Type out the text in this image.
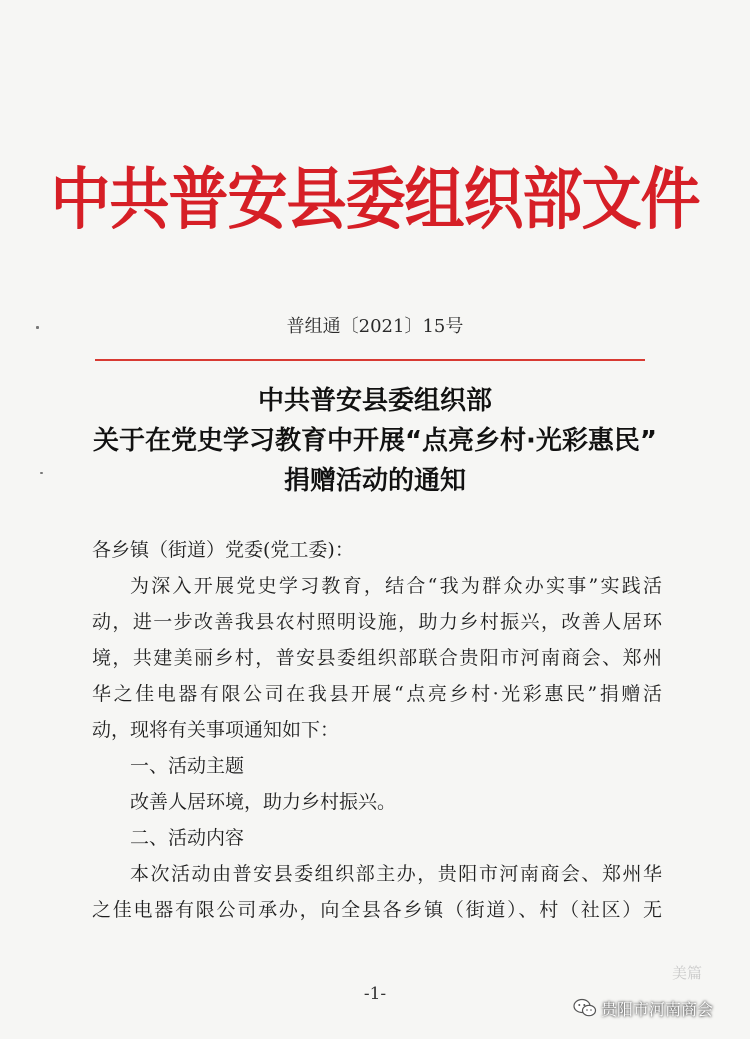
中共普安县委组织部文件
普组通〔2021〕15号
中共普安县委组织部
关于在党史学习教育中开展“点亮乡村·光彩惠民”
捐赠活动的通知

各乡镇（街道）党委(党工委)：

为深入开展党史学习教育，结合“我为群众办实事”实践活

动，进一步改善我县农村照明设施，助力乡村振兴，改善人居环

境，共建美丽乡村，普安县委组织部联合贵阳市河南商会、郑州

华之佳电器有限公司在我县开展“点亮乡村·光彩惠民”捐赠活

动，现将有关事项通知如下：

一、活动主题

改善人居环境，助力乡村振兴。

二、活动内容

本次活动由普安县委组织部主办，贵阳市河南商会、郑州华

之佳电器有限公司承办，向全县各乡镇（街道）、村（社区）无

美篇
-1-
贵阳市河南商会
